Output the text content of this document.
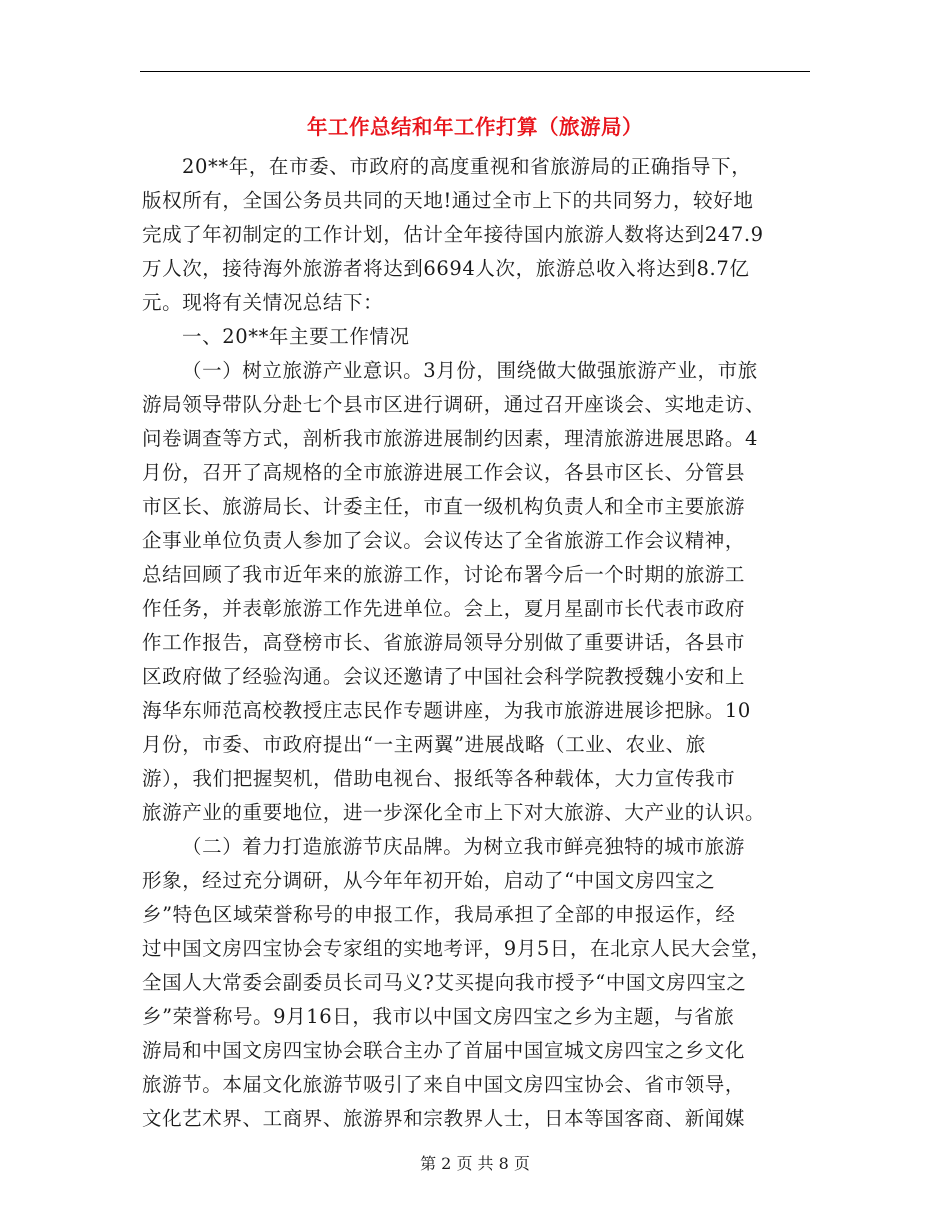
年工作总结和年工作打算（旅游局）
20**年，在市委、市政府的高度重视和省旅游局的正确指导下，
版权所有，全国公务员共同的天地!通过全市上下的共同努力，较好地
完成了年初制定的工作计划，估计全年接待国内旅游人数将达到247.9
万人次，接待海外旅游者将达到6694人次，旅游总收入将达到8.7亿
元。现将有关情况总结下：
一、20**年主要工作情况
（一）树立旅游产业意识。3月份，围绕做大做强旅游产业，市旅
游局领导带队分赴七个县市区进行调研，通过召开座谈会、实地走访、
问卷调查等方式，剖析我市旅游进展制约因素，理清旅游进展思路。4
月份，召开了高规格的全市旅游进展工作会议，各县市区长、分管县
市区长、旅游局长、计委主任，市直一级机构负责人和全市主要旅游
企事业单位负责人参加了会议。会议传达了全省旅游工作会议精神，
总结回顾了我市近年来的旅游工作，讨论布署今后一个时期的旅游工
作任务，并表彰旅游工作先进单位。会上，夏月星副市长代表市政府
作工作报告，高登榜市长、省旅游局领导分别做了重要讲话，各县市
区政府做了经验沟通。会议还邀请了中国社会科学院教授魏小安和上
海华东师范高校教授庄志民作专题讲座，为我市旅游进展诊把脉。10
月份，市委、市政府提出“一主两翼”进展战略（工业、农业、旅
游），我们把握契机，借助电视台、报纸等各种载体，大力宣传我市
旅游产业的重要地位，进一步深化全市上下对大旅游、大产业的认识。
（二）着力打造旅游节庆品牌。为树立我市鲜亮独特的城市旅游
形象，经过充分调研，从今年年初开始，启动了“中国文房四宝之
乡”特色区域荣誉称号的申报工作，我局承担了全部的申报运作，经
过中国文房四宝协会专家组的实地考评，9月5日，在北京人民大会堂，
全国人大常委会副委员长司马义?艾买提向我市授予“中国文房四宝之
乡”荣誉称号。9月16日，我市以中国文房四宝之乡为主题，与省旅
游局和中国文房四宝协会联合主办了首届中国宣城文房四宝之乡文化
旅游节。本届文化旅游节吸引了来自中国文房四宝协会、省市领导，
文化艺术界、工商界、旅游界和宗教界人士，日本等国客商、新闻媒
第 2 页 共 8 页
